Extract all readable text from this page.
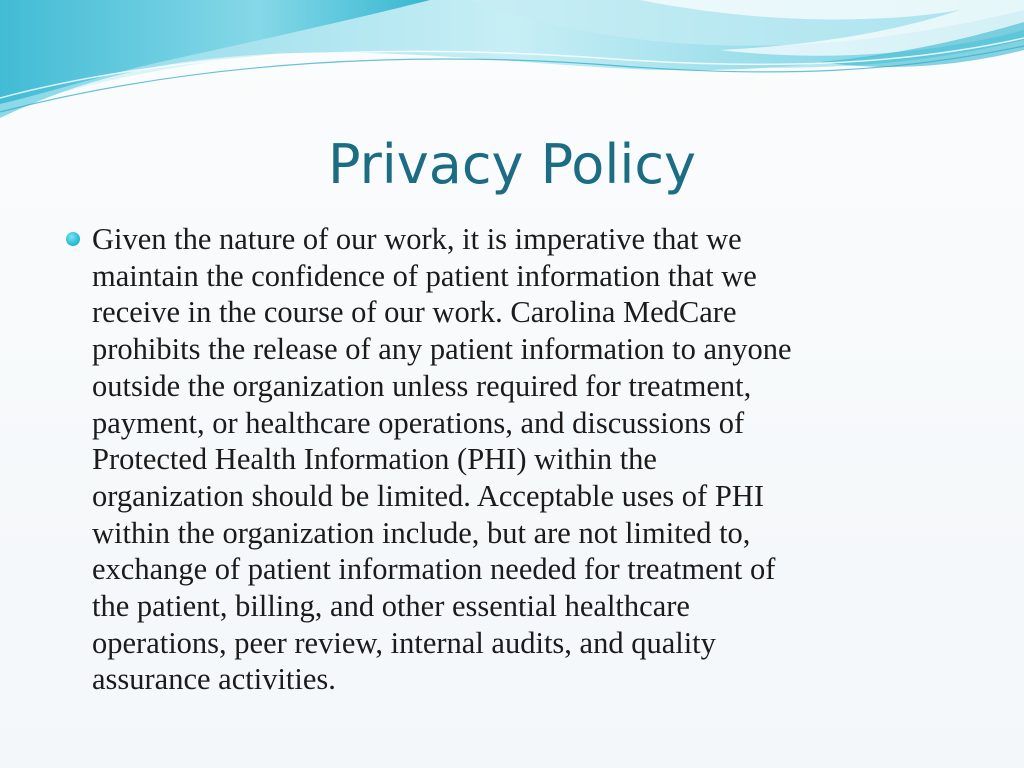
Privacy Policy

Given the nature of our work, it is imperative that we
maintain the confidence of patient information that we
receive in the course of our work. Carolina MedCare
prohibits the release of any patient information to anyone
outside the organization unless required for treatment,
payment, or healthcare operations, and discussions of
Protected Health Information (PHI) within the
organization should be limited. Acceptable uses of PHI
within the organization include, but are not limited to,
exchange of patient information needed for treatment of
the patient, billing, and other essential healthcare
operations, peer review, internal audits, and quality
assurance activities.
